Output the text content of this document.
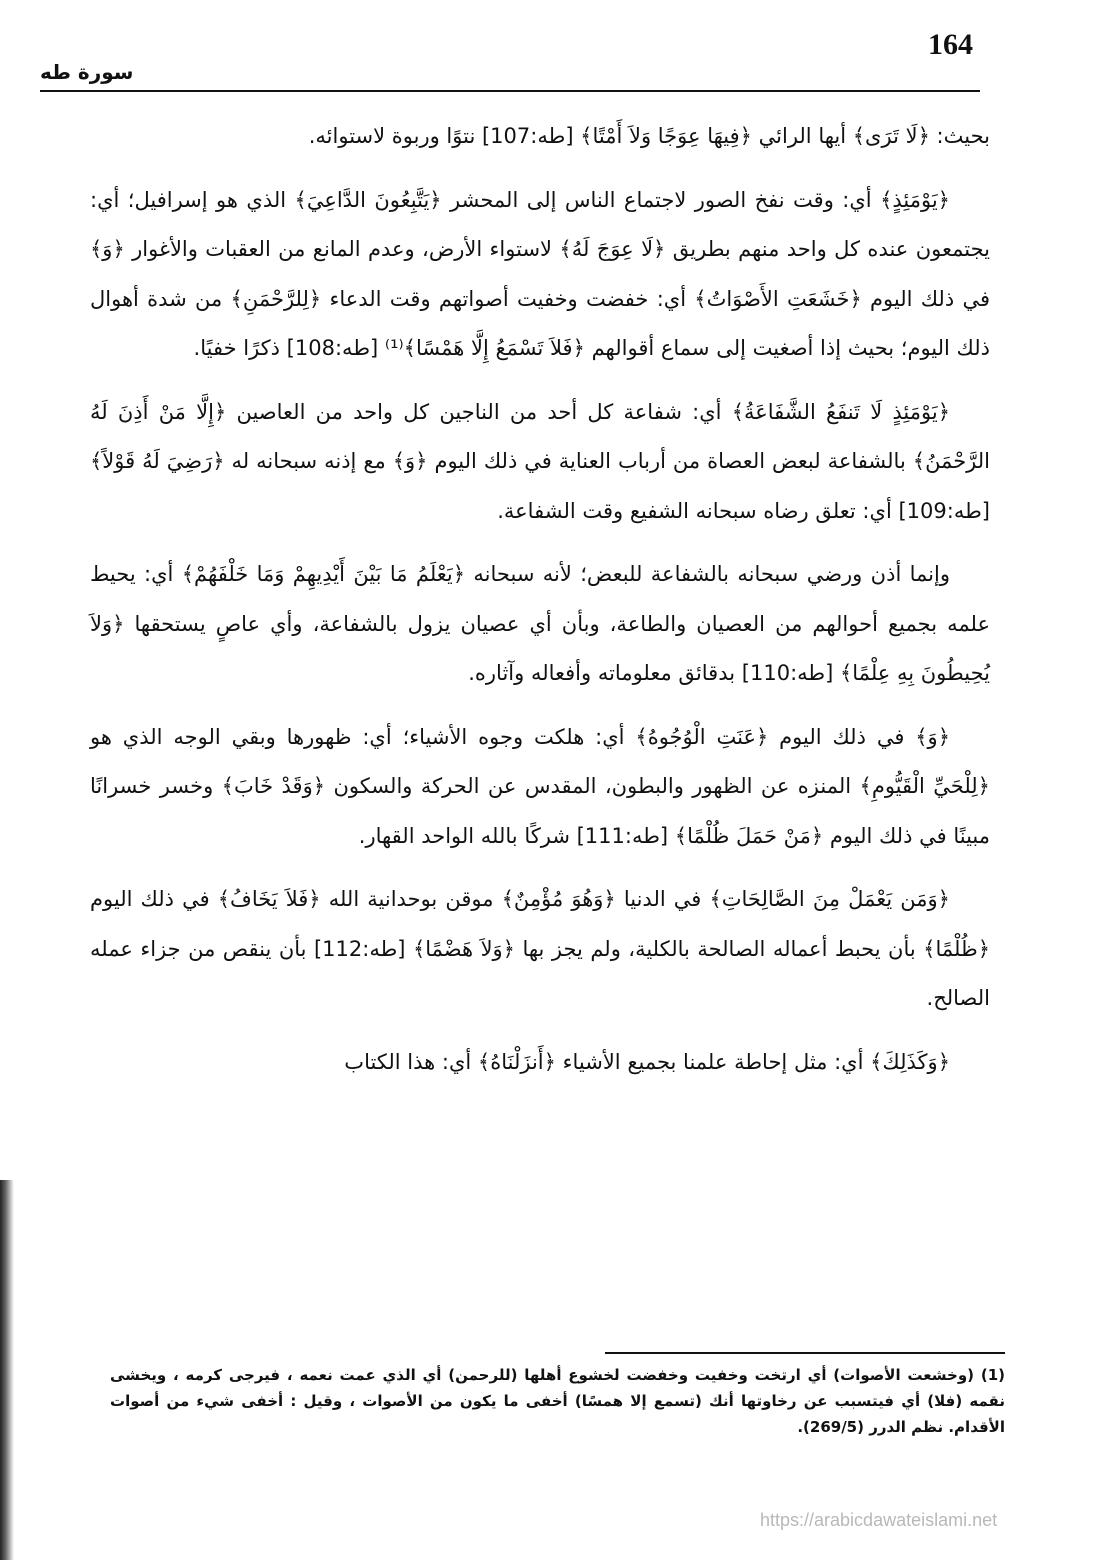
164
سورة طه

بحيث: ﴿لَا تَرَى﴾ أيها الرائي ﴿فِيهَا عِوَجًا وَلاَ أَمْتًا﴾ [طه:107] نتوًا وربوة لاستوائه.

﴿يَوْمَئِذٍ﴾ أي: وقت نفخ الصور لاجتماع الناس إلى المحشر ﴿يَتَّبِعُونَ الدَّاعِيَ﴾ الذي هو إسرافيل؛ أي: يجتمعون عنده كل واحد منهم بطريق ﴿لَا عِوَجَ لَهُ﴾ لاستواء الأرض، وعدم المانع من العقبات والأغوار ﴿وَ﴾ في ذلك اليوم ﴿خَشَعَتِ الأَصْوَاتُ﴾ أي: خفضت وخفيت أصواتهم وقت الدعاء ﴿لِلرَّحْمَنِ﴾ من شدة أهوال ذلك اليوم؛ بحيث إذا أصغيت إلى سماع أقوالهم ﴿فَلاَ تَسْمَعُ إِلَّا هَمْسًا﴾⁽¹⁾ [طه:108] ذكرًا خفيًا.

﴿يَوْمَئِذٍ لَا تَنفَعُ الشَّفَاعَةُ﴾ أي: شفاعة كل أحد من الناجين كل واحد من العاصين ﴿إِلَّا مَنْ أَذِنَ لَهُ الرَّحْمَنُ﴾ بالشفاعة لبعض العصاة من أرباب العناية في ذلك اليوم ﴿وَ﴾ مع إذنه سبحانه له ﴿رَضِيَ لَهُ قَوْلاً﴾ [طه:109] أي: تعلق رضاه سبحانه الشفيع وقت الشفاعة.

وإنما أذن ورضي سبحانه بالشفاعة للبعض؛ لأنه سبحانه ﴿يَعْلَمُ مَا بَيْنَ أَيْدِيهِمْ وَمَا خَلْفَهُمْ﴾ أي: يحيط علمه بجميع أحوالهم من العصيان والطاعة، وبأن أي عصيان يزول بالشفاعة، وأي عاصٍ يستحقها ﴿وَلاَ يُحِيطُونَ بِهِ عِلْمًا﴾ [طه:110] بدقائق معلوماته وأفعاله وآثاره.

﴿وَ﴾ في ذلك اليوم ﴿عَنَتِ الْوُجُوهُ﴾ أي: هلكت وجوه الأشياء؛ أي: ظهورها وبقي الوجه الذي هو ﴿لِلْحَيِّ الْقَيُّومِ﴾ المنزه عن الظهور والبطون، المقدس عن الحركة والسكون ﴿وَقَدْ خَابَ﴾ وخسر خسرانًا مبينًا في ذلك اليوم ﴿مَنْ حَمَلَ ظُلْمًا﴾ [طه:111] شركًا بالله الواحد القهار.

﴿وَمَن يَعْمَلْ مِنَ الصَّالِحَاتِ﴾ في الدنيا ﴿وَهُوَ مُؤْمِنٌ﴾ موقن بوحدانية الله ﴿فَلاَ يَخَافُ﴾ في ذلك اليوم ﴿ظُلْمًا﴾ بأن يحبط أعماله الصالحة بالكلية، ولم يجز بها ﴿وَلاَ هَضْمًا﴾ [طه:112] بأن ينقص من جزاء عمله الصالح.

﴿وَكَذَلِكَ﴾ أي: مثل إحاطة علمنا بجميع الأشياء ﴿أَنزَلْنَاهُ﴾ أي: هذا الكتاب

(1) (وخشعت الأصوات) أي ارتخت وخفيت وخفضت لخشوع أهلها (للرحمن) أي الذي عمت نعمه ، فيرجى كرمه ، ويخشى نقمه (فلا) أي فيتسبب عن رخاوتها أنك (تسمع إلا همسًا) أخفى ما يكون من الأصوات ، وقيل : أخفى شيء من أصوات الأقدام. نظم الدرر (269/5).
https://arabicdawateislami.net
